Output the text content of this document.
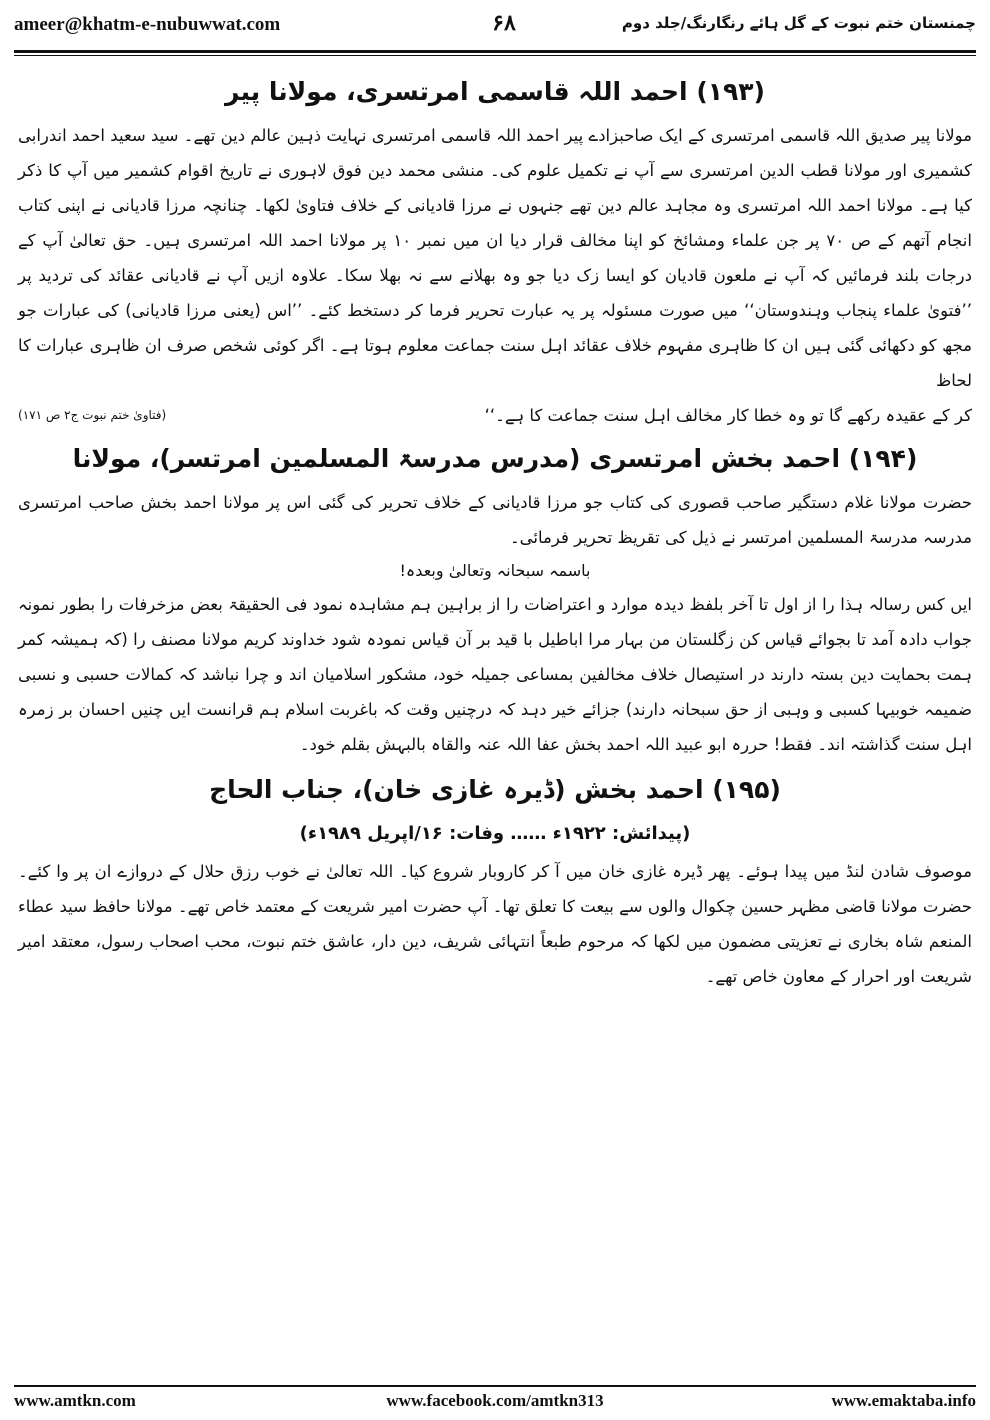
ameer@khatm-e-nubuwwat.com	۶۸	چمنستان ختم نبوت کے گل ہائے رنگارنگ/جلد دوم
(۱۹۳) احمد اللہ قاسمی امرتسری، مولانا پیر

مولانا پیر صدیق اللہ قاسمی امرتسری کے ایک صاحبزادے پیر احمد اللہ قاسمی امرتسری نہایت ذہین عالم دین تھے۔ سید سعید احمد اندرابی کشمیری اور مولانا قطب الدین امرتسری سے آپ نے تکمیل علوم کی۔ منشی محمد دین فوق لاہوری نے تاریخ اقوام کشمیر میں آپ کا ذکر کیا ہے۔ مولانا احمد اللہ امرتسری وہ مجاہد عالم دین تھے جنہوں نے مرزا قادیانی کے خلاف فتاویٰ لکھا۔ چنانچہ مرزا قادیانی نے اپنی کتاب انجام آتھم کے ص ۷۰ پر جن علماء ومشائخ کو اپنا مخالف قرار دیا ان میں نمبر ۱۰ پر مولانا احمد اللہ امرتسری ہیں۔ حق تعالیٰ آپ کے درجات بلند فرمائیں کہ آپ نے ملعون قادیان کو ایسا زک دیا جو وہ بھلانے سے نہ بھلا سکا۔ علاوہ ازیں آپ نے قادیانی عقائد کی تردید پر ’’فتویٰ علماء پنجاب وہندوستان‘‘ میں صورت مسئولہ پر یہ عبارت تحریر فرما کر دستخط کئے۔ ’’اس (یعنی مرزا قادیانی) کی عبارات جو مجھ کو دکھائی گئی ہیں ان کا ظاہری مفہوم خلاف عقائد اہل سنت جماعت معلوم ہوتا ہے۔ اگر کوئی شخص صرف ان ظاہری عبارات کا لحاظ

کر کے عقیدہ رکھے گا تو وہ خطا کار مخالف اہل سنت جماعت کا ہے۔‘‘
(فتاویٰ ختم نبوت ج۲ ص ۱۷۱)
(۱۹۴) احمد بخش امرتسری (مدرس مدرسۃ المسلمین امرتسر)، مولانا

حضرت مولانا غلام دستگیر صاحب قصوری کی کتاب جو مرزا قادیانی کے خلاف تحریر کی گئی اس پر مولانا احمد بخش صاحب امرتسری مدرسہ مدرسۃ المسلمین امرتسر نے ذیل کی تقریظ تحریر فرمائی۔

باسمہ سبحانہ وتعالیٰ وبعدہ!

ایں کس رسالہ ہذا را از اول تا آخر بلفظ دیدہ موارد و اعتراضات را از براہین ہم مشاہدہ نمود فی الحقیقۃ بعض مزخرفات را بطور نمونہ جواب دادہ آمد تا بجوائے قیاس کن زگلستان من بہار مرا اباطیل با قید بر آن قیاس نمودہ شود خداوند کریم مولانا مصنف را (کہ ہمیشہ کمر ہمت بحمایت دین بستہ دارند در استیصال خلاف مخالفین بمساعی جمیلہ خود، مشکور اسلامیان اند و چرا نباشد کہ کمالات حسبی و نسبی ضمیمہ خوبیہا کسبی و وہبی از حق سبحانہ دارند) جزائے خیر دہد کہ درچنیں وقت کہ باغربت اسلام ہم قرانست ایں چنیں احسان بر زمرہ اہل سنت گذاشتہ اند۔ فقط! حررہ ابو عبید اللہ احمد بخش عفا اللہ عنہ والقاہ بالبہش بقلم خود۔

(۱۹۵) احمد بخش (ڈیرہ غازی خان)، جناب الحاج

(پیدائش: ۱۹۲۲ء …… وفات: ۱۶/اپریل ۱۹۸۹ء)

موصوف شادن لنڈ میں پیدا ہوئے۔ پھر ڈیرہ غازی خان میں آ کر کاروبار شروع کیا۔ اللہ تعالیٰ نے خوب رزق حلال کے دروازے ان پر وا کئے۔ حضرت مولانا قاضی مظہر حسین چکوال والوں سے بیعت کا تعلق تھا۔ آپ حضرت امیر شریعت کے معتمد خاص تھے۔ مولانا حافظ سید عطاء المنعم شاہ بخاری نے تعزیتی مضمون میں لکھا کہ مرحوم طبعاً انتہائی شریف، دین دار، عاشق ختم نبوت، محب اصحاب رسول، معتقد امیر شریعت اور احرار کے معاون خاص تھے۔

www.amtkn.com	www.facebook.com/amtkn313	www.emaktaba.info
